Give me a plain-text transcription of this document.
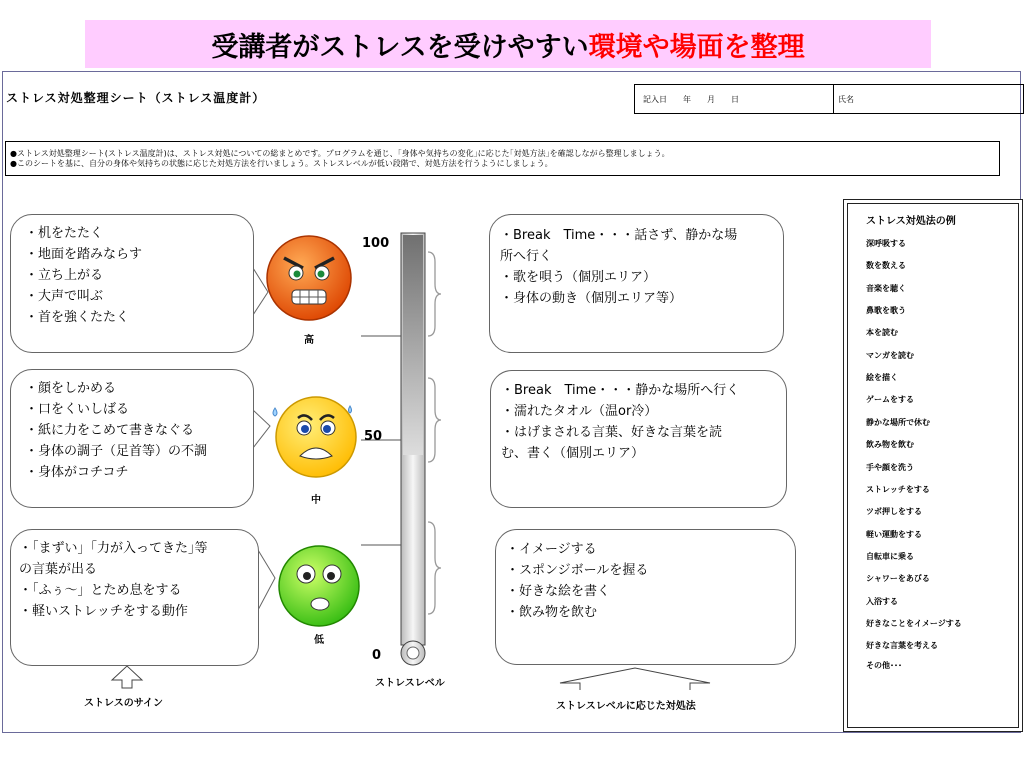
受講者がストレスを受けやすい 環境や場面を整理
ストレス対処整理シート（ストレス温度計）	記入日　　年　　月　　日	氏名
●ストレス対処整理シート(ストレス温度計)は、ストレス対処についての総まとめです。プログラムを通じ、｢身体や気持ちの変化｣に応じた｢対処方法｣を確認しながら整理しましょう。
●このシートを基に、自分の身体や気持ちの状態に応じた対処方法を行いましょう。ストレスレベルが低い段階で、対処方法を行うようにしましょう。
・机をたたく
・地面を踏みならす
・立ち上がる
・大声で叫ぶ
・首を強くたたく
・顔をしかめる
・口をくいしばる
・紙に力をこめて書きなぐる
・身体の調子（足首等）の不調
・身体がコチコチ
・「まずい」｢力が入ってきた｣等
の言葉が出る
・「ふぅ～」とため息をする
・軽いストレッチをする動作
高
中
低
100
50
0
・Break　Time・・・話さず、静かな場
所へ行く
・歌を唄う（個別エリア）
・身体の動き（個別エリア等）
・Break　Time・・・静かな場所へ行く
・濡れたタオル（温or冷）
・はげまされる言葉、好きな言葉を読
む、書く（個別エリア）
・イメージする
・スポンジボールを握る
・好きな絵を書く
・飲み物を飲む
ストレスのサイン
ストレスレベル
ストレスレベルに応じた対処法
ストレス対処法の例
深呼吸する
数を数える
音楽を聴く
鼻歌を歌う
本を読む
マンガを読む
絵を描く
ゲームをする
静かな場所で休む
飲み物を飲む
手や顔を洗う
ストレッチをする
ツボ押しをする
軽い運動をする
自転車に乗る
シャワーをあびる
入浴する
好きなことをイメージする
好きな言葉を考える
その他･･･
